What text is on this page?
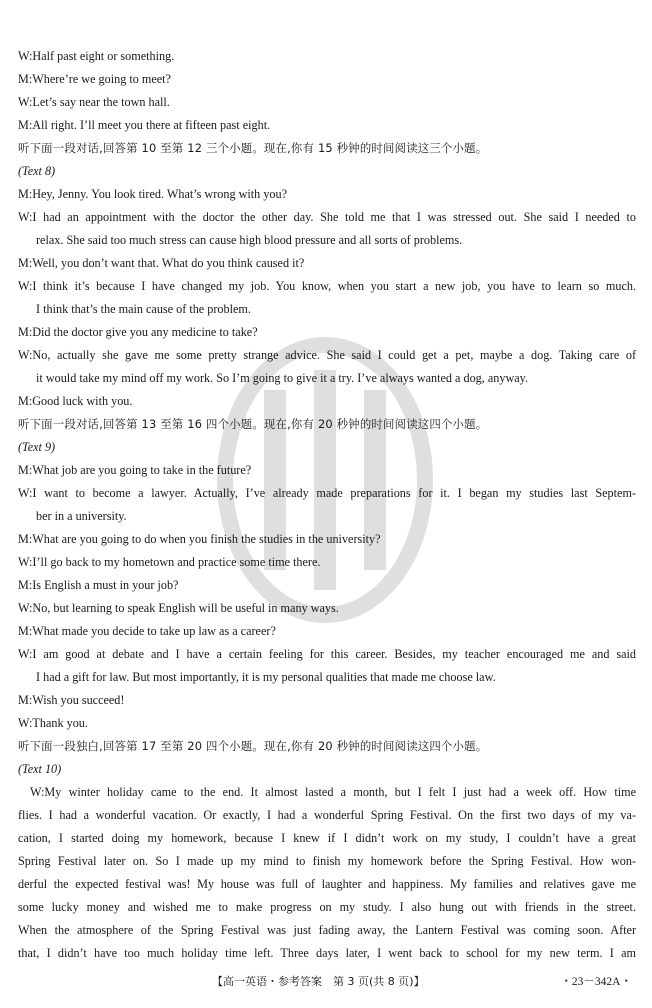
W:Half past eight or something.
M:Where’re we going to meet?
W:Let’s say near the town hall.
M:All right. I’ll meet you there at fifteen past eight.
听下面一段对话,回答第 10 至第 12 三个小题。现在,你有 15 秒钟的时间阅读这三个小题。
(Text 8)
M:Hey, Jenny. You look tired. What’s wrong with you?
W:I had an appointment with the doctor the other day. She told me that I was stressed out. She said I needed to
relax. She said too much stress can cause high blood pressure and all sorts of problems.
M:Well, you don’t want that. What do you think caused it?
W:I think it’s because I have changed my job. You know, when you start a new job, you have to learn so much.
I think that’s the main cause of the problem.
M:Did the doctor give you any medicine to take?
W:No, actually she gave me some pretty strange advice. She said I could get a pet, maybe a dog. Taking care of
it would take my mind off my work. So I’m going to give it a try. I’ve always wanted a dog, anyway.
M:Good luck with you.
听下面一段对话,回答第 13 至第 16 四个小题。现在,你有 20 秒钟的时间阅读这四个小题。
(Text 9)
M:What job are you going to take in the future?
W:I want to become a lawyer. Actually, I’ve already made preparations for it. I began my studies last Septem-
ber in a university.
M:What are you going to do when you finish the studies in the university?
W:I’ll go back to my hometown and practice some time there.
M:Is English a must in your job?
W:No, but learning to speak English will be useful in many ways.
M:What made you decide to take up law as a career?
W:I am good at debate and I have a certain feeling for this career. Besides, my teacher encouraged me and said
I had a gift for law. But most importantly, it is my personal qualities that made me choose law.
M:Wish you succeed!
W:Thank you.
听下面一段独白,回答第 17 至第 20 四个小题。现在,你有 20 秒钟的时间阅读这四个小题。
(Text 10)
W:My winter holiday came to the end. It almost lasted a month, but I felt I just had a week off. How time
flies. I had a wonderful vacation. Or exactly, I had a wonderful Spring Festival. On the first two days of my va-
cation, I started doing my homework, because I knew if I didn’t work on my study, I couldn’t have a great
Spring Festival later on. So I made up my mind to finish my homework before the Spring Festival. How won-
derful the expected festival was! My house was full of laughter and happiness. My families and relatives gave me
some lucky money and wished me to make progress on my study. I also hung out with friends in the street.
When the atmosphere of the Spring Festival was just fading away, the Lantern Festival was coming soon. After
that, I didn’t have too much holiday time left. Three days later, I went back to school for my new term. I am
【高一英语・参考答案　第 3 页(共 8 页)】	・23－342A・
